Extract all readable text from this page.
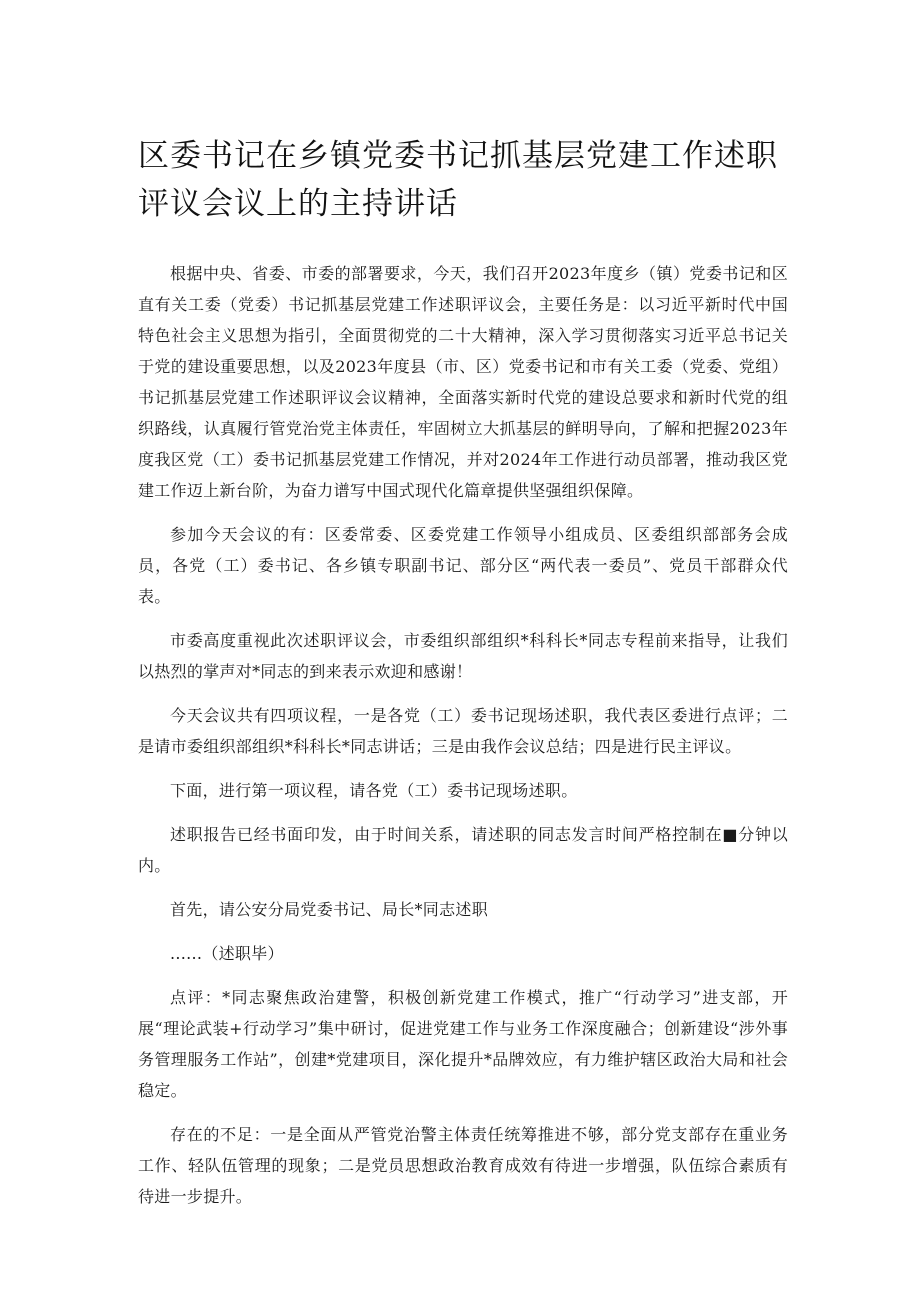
区委书记在乡镇党委书记抓基层党建工作述职评议会议上的主持讲话

根据中央、省委、市委的部署要求，今天，我们召开2023年度乡（镇）党委书记和区直有关工委（党委）书记抓基层党建工作述职评议会，主要任务是：以习近平新时代中国特色社会主义思想为指引，全面贯彻党的二十大精神，深入学习贯彻落实习近平总书记关于党的建设重要思想，以及2023年度县（市、区）党委书记和市有关工委（党委、党组）书记抓基层党建工作述职评议会议精神，全面落实新时代党的建设总要求和新时代党的组织路线，认真履行管党治党主体责任，牢固树立大抓基层的鲜明导向，了解和把握2023年度我区党（工）委书记抓基层党建工作情况，并对2024年工作进行动员部署，推动我区党建工作迈上新台阶，为奋力谱写中国式现代化篇章提供坚强组织保障。

参加今天会议的有：区委常委、区委党建工作领导小组成员、区委组织部部务会成员，各党（工）委书记、各乡镇专职副书记、部分区“两代表一委员”、党员干部群众代表。

市委高度重视此次述职评议会，市委组织部组织*科科长*同志专程前来指导，让我们以热烈的掌声对*同志的到来表示欢迎和感谢！

今天会议共有四项议程，一是各党（工）委书记现场述职，我代表区委进行点评；二是请市委组织部组织*科科长*同志讲话；三是由我作会议总结；四是进行民主评议。

下面，进行第一项议程，请各党（工）委书记现场述职。

述职报告已经书面印发，由于时间关系，请述职的同志发言时间严格控制在■分钟以内。

首先，请公安分局党委书记、局长*同志述职

......（述职毕）

点评：*同志聚焦政治建警，积极创新党建工作模式，推广“行动学习”进支部，开展“理论武装+行动学习”集中研讨，促进党建工作与业务工作深度融合；创新建设“涉外事务管理服务工作站”，创建*党建项目，深化提升*品牌效应，有力维护辖区政治大局和社会稳定。

存在的不足：一是全面从严管党治警主体责任统筹推进不够，部分党支部存在重业务工作、轻队伍管理的现象；二是党员思想政治教育成效有待进一步增强，队伍综合素质有待进一步提升。
